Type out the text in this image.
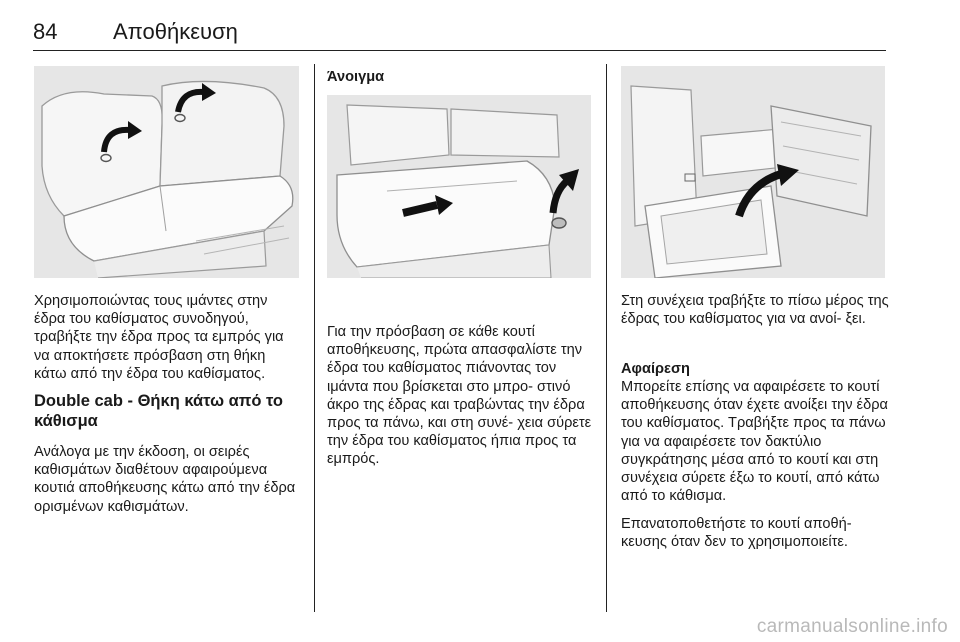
84	Αποθήκευση

Χρησιμοποιώντας τους ιμάντες στην έδρα του καθίσματος συνοδηγού, τραβήξτε την έδρα προς τα εμπρός για να αποκτήσετε πρόσβαση στη θήκη κάτω από την έδρα του καθίσματος.

Double cab - Θήκη κάτω από το κάθισμα

Ανάλογα με την έκδοση, οι σειρές καθισμάτων διαθέτουν αφαιρούμενα κουτιά αποθήκευσης κάτω από την έδρα ορισμένων καθισμάτων.

Άνοιγμα

Για την πρόσβαση σε κάθε κουτί αποθήκευσης, πρώτα απασφαλίστε την έδρα του καθίσματος πιάνοντας τον ιμάντα που βρίσκεται στο μπρο- στινό άκρο της έδρας και τραβώντας την έδρα προς τα πάνω, και στη συνέ- χεια σύρετε την έδρα του καθίσματος ήπια προς τα εμπρός.

Στη συνέχεια τραβήξτε το πίσω μέρος της έδρας του καθίσματος για να ανοί- ξει.

Αφαίρεση

Μπορείτε επίσης να αφαιρέσετε το κουτί αποθήκευσης όταν έχετε ανοίξει την έδρα του καθίσματος. Τραβήξτε προς τα πάνω για να αφαιρέσετε τον δακτύλιο συγκράτησης μέσα από το κουτί και στη συνέχεια σύρετε έξω το κουτί, από κάτω από το κάθισμα.

Επανατοποθετήστε το κουτί αποθή- κευσης όταν δεν το χρησιμοποιείτε.

carmanualsonline.info
